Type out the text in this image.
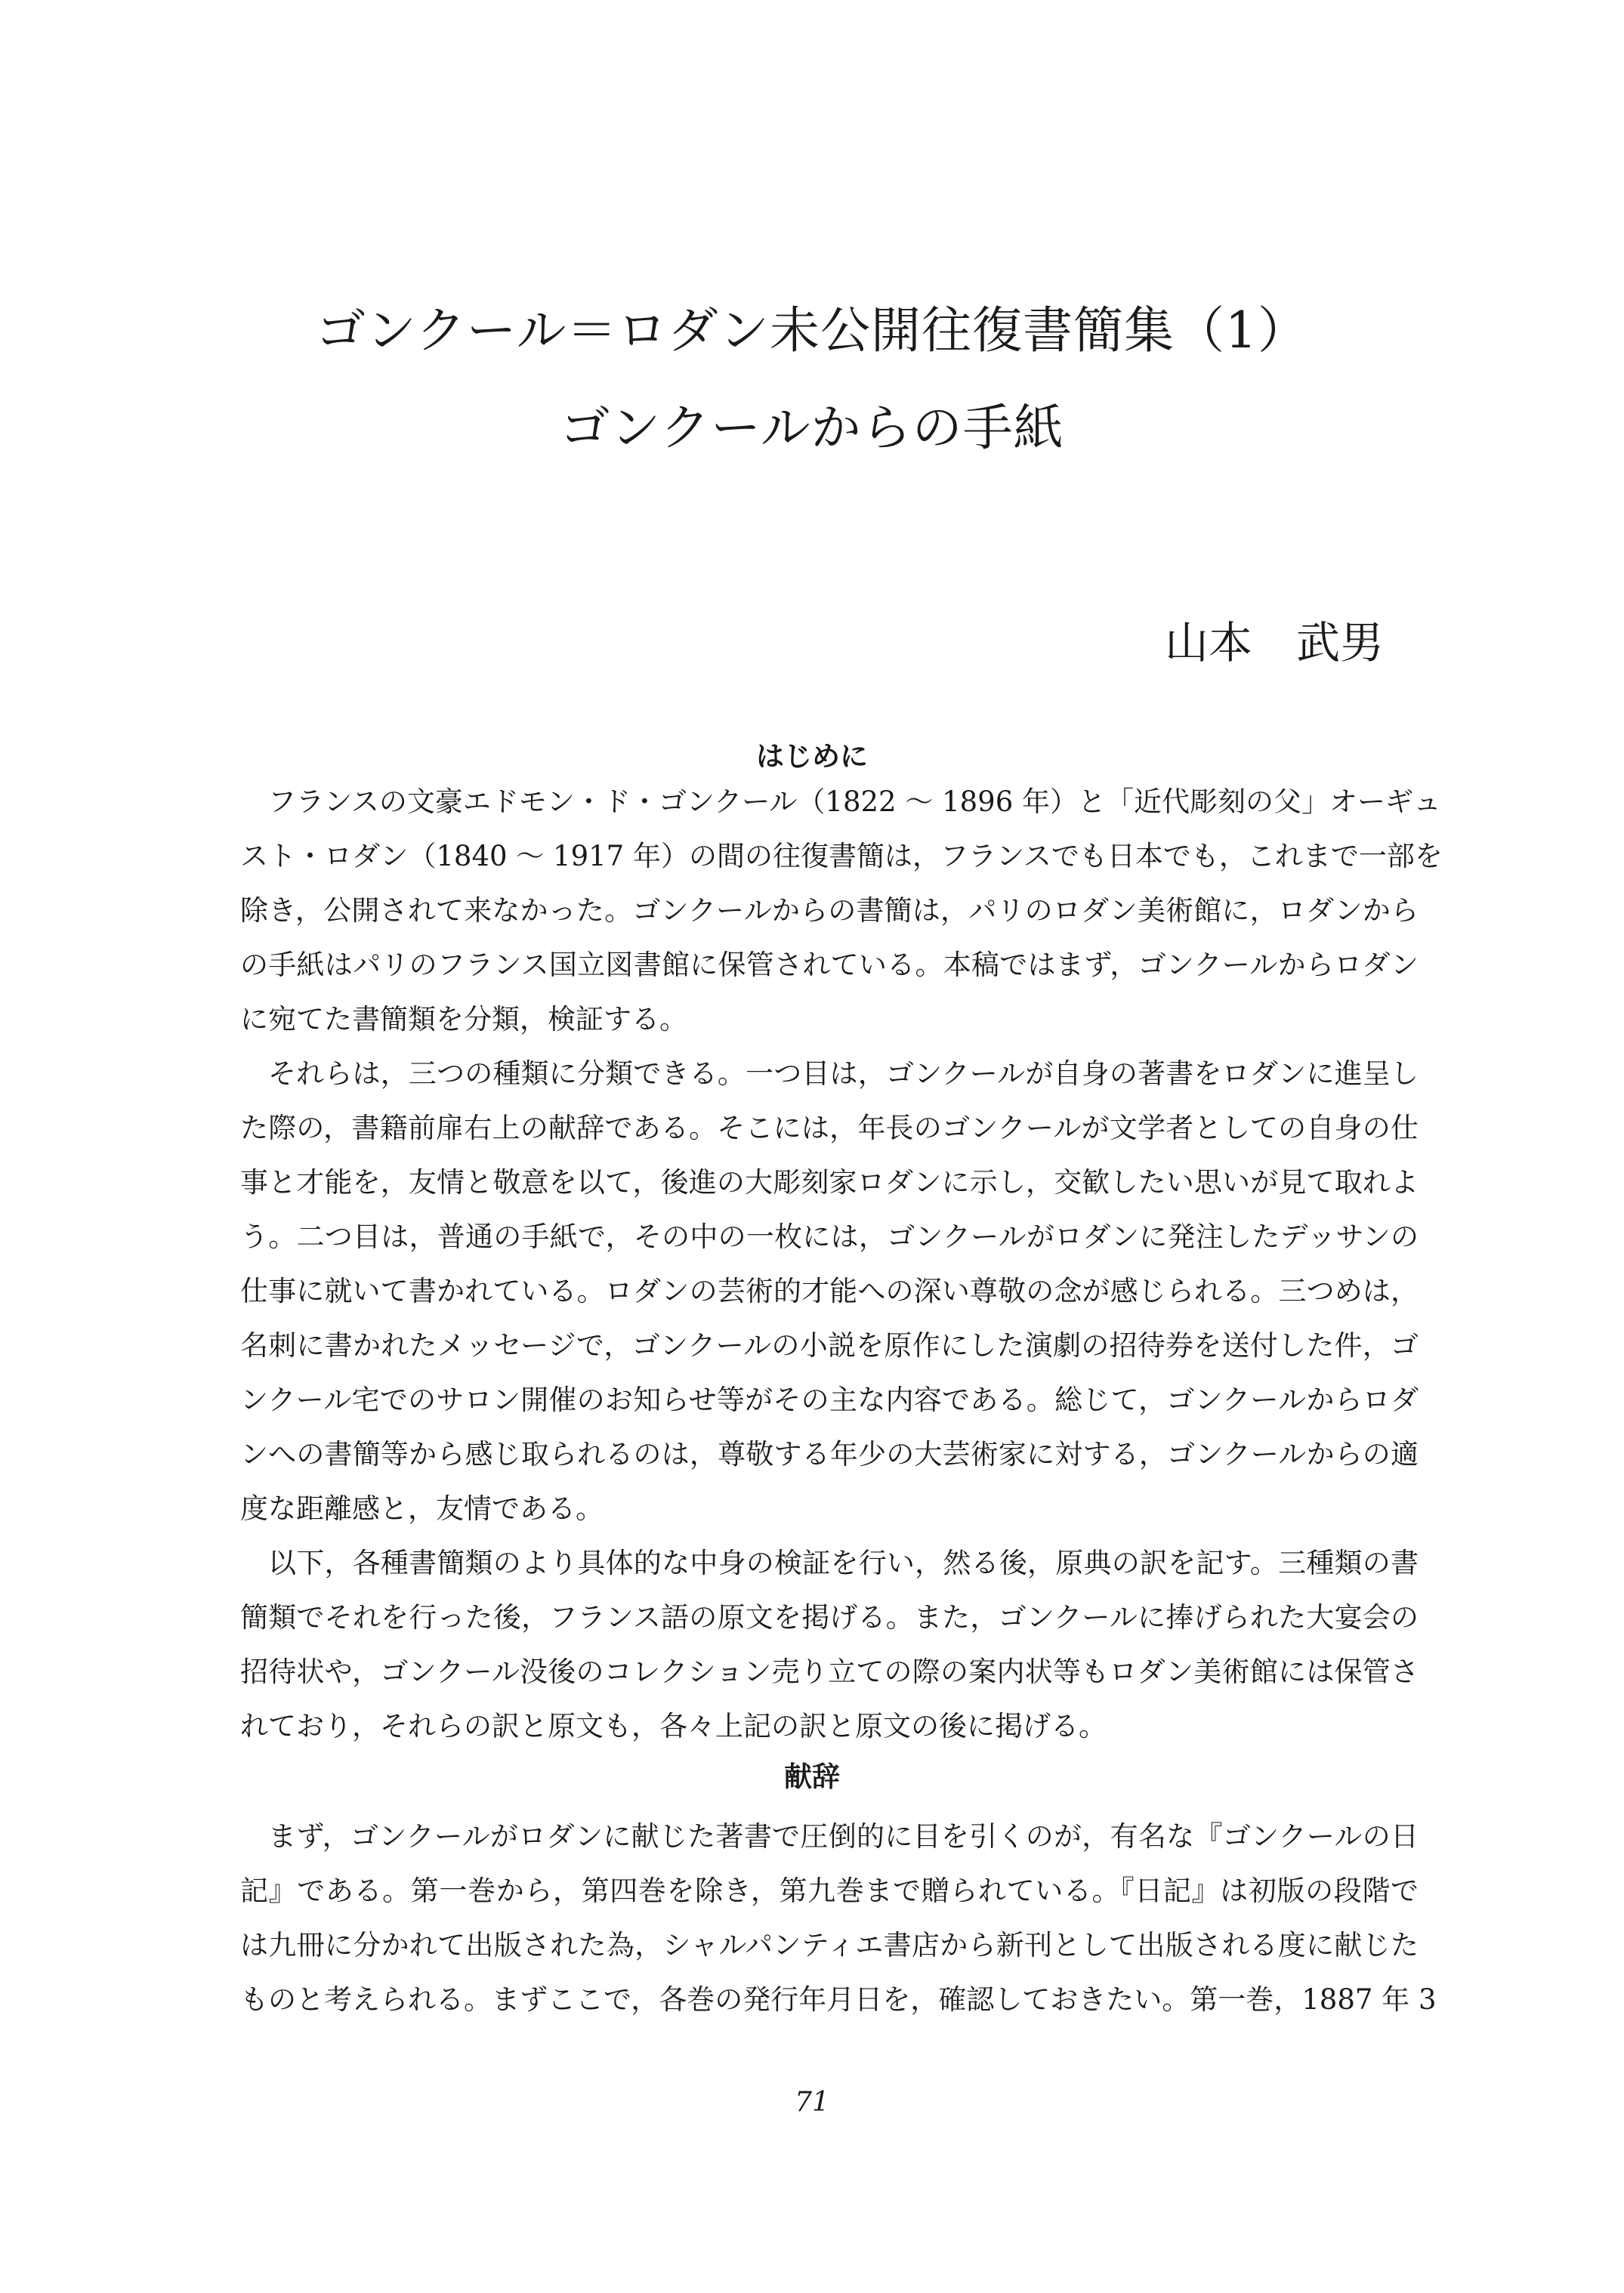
ゴンクール＝ロダン未公開往復書簡集（1）
ゴンクールからの手紙
山本　武男
はじめに
フランスの文豪エドモン・ド・ゴンクール（1822 ～ 1896 年）と「近代彫刻の父」オーギュ
スト・ロダン（1840 ～ 1917 年）の間の往復書簡は，フランスでも日本でも，これまで一部を
除き，公開されて来なかった。ゴンクールからの書簡は，パリのロダン美術館に，ロダンから
の手紙はパリのフランス国立図書館に保管されている。本稿ではまず，ゴンクールからロダン
に宛てた書簡類を分類，検証する。
それらは，三つの種類に分類できる。一つ目は，ゴンクールが自身の著書をロダンに進呈し
た際の，書籍前扉右上の献辞である。そこには，年長のゴンクールが文学者としての自身の仕
事と才能を，友情と敬意を以て，後進の大彫刻家ロダンに示し，交歓したい思いが見て取れよ
う。二つ目は，普通の手紙で，その中の一枚には，ゴンクールがロダンに発注したデッサンの
仕事に就いて書かれている。ロダンの芸術的才能への深い尊敬の念が感じられる。三つめは，
名刺に書かれたメッセージで，ゴンクールの小説を原作にした演劇の招待券を送付した件，ゴ
ンクール宅でのサロン開催のお知らせ等がその主な内容である。総じて，ゴンクールからロダ
ンへの書簡等から感じ取られるのは，尊敬する年少の大芸術家に対する，ゴンクールからの適
度な距離感と，友情である。
以下，各種書簡類のより具体的な中身の検証を行い，然る後，原典の訳を記す。三種類の書
簡類でそれを行った後，フランス語の原文を掲げる。また，ゴンクールに捧げられた大宴会の
招待状や，ゴンクール没後のコレクション売り立ての際の案内状等もロダン美術館には保管さ
れており，それらの訳と原文も，各々上記の訳と原文の後に掲げる。
献辞
まず，ゴンクールがロダンに献じた著書で圧倒的に目を引くのが，有名な『ゴンクールの日
記』である。第一巻から，第四巻を除き，第九巻まで贈られている。『日記』は初版の段階で
は九冊に分かれて出版された為，シャルパンティエ書店から新刊として出版される度に献じた
ものと考えられる。まずここで，各巻の発行年月日を，確認しておきたい。第一巻，1887 年 3
71
